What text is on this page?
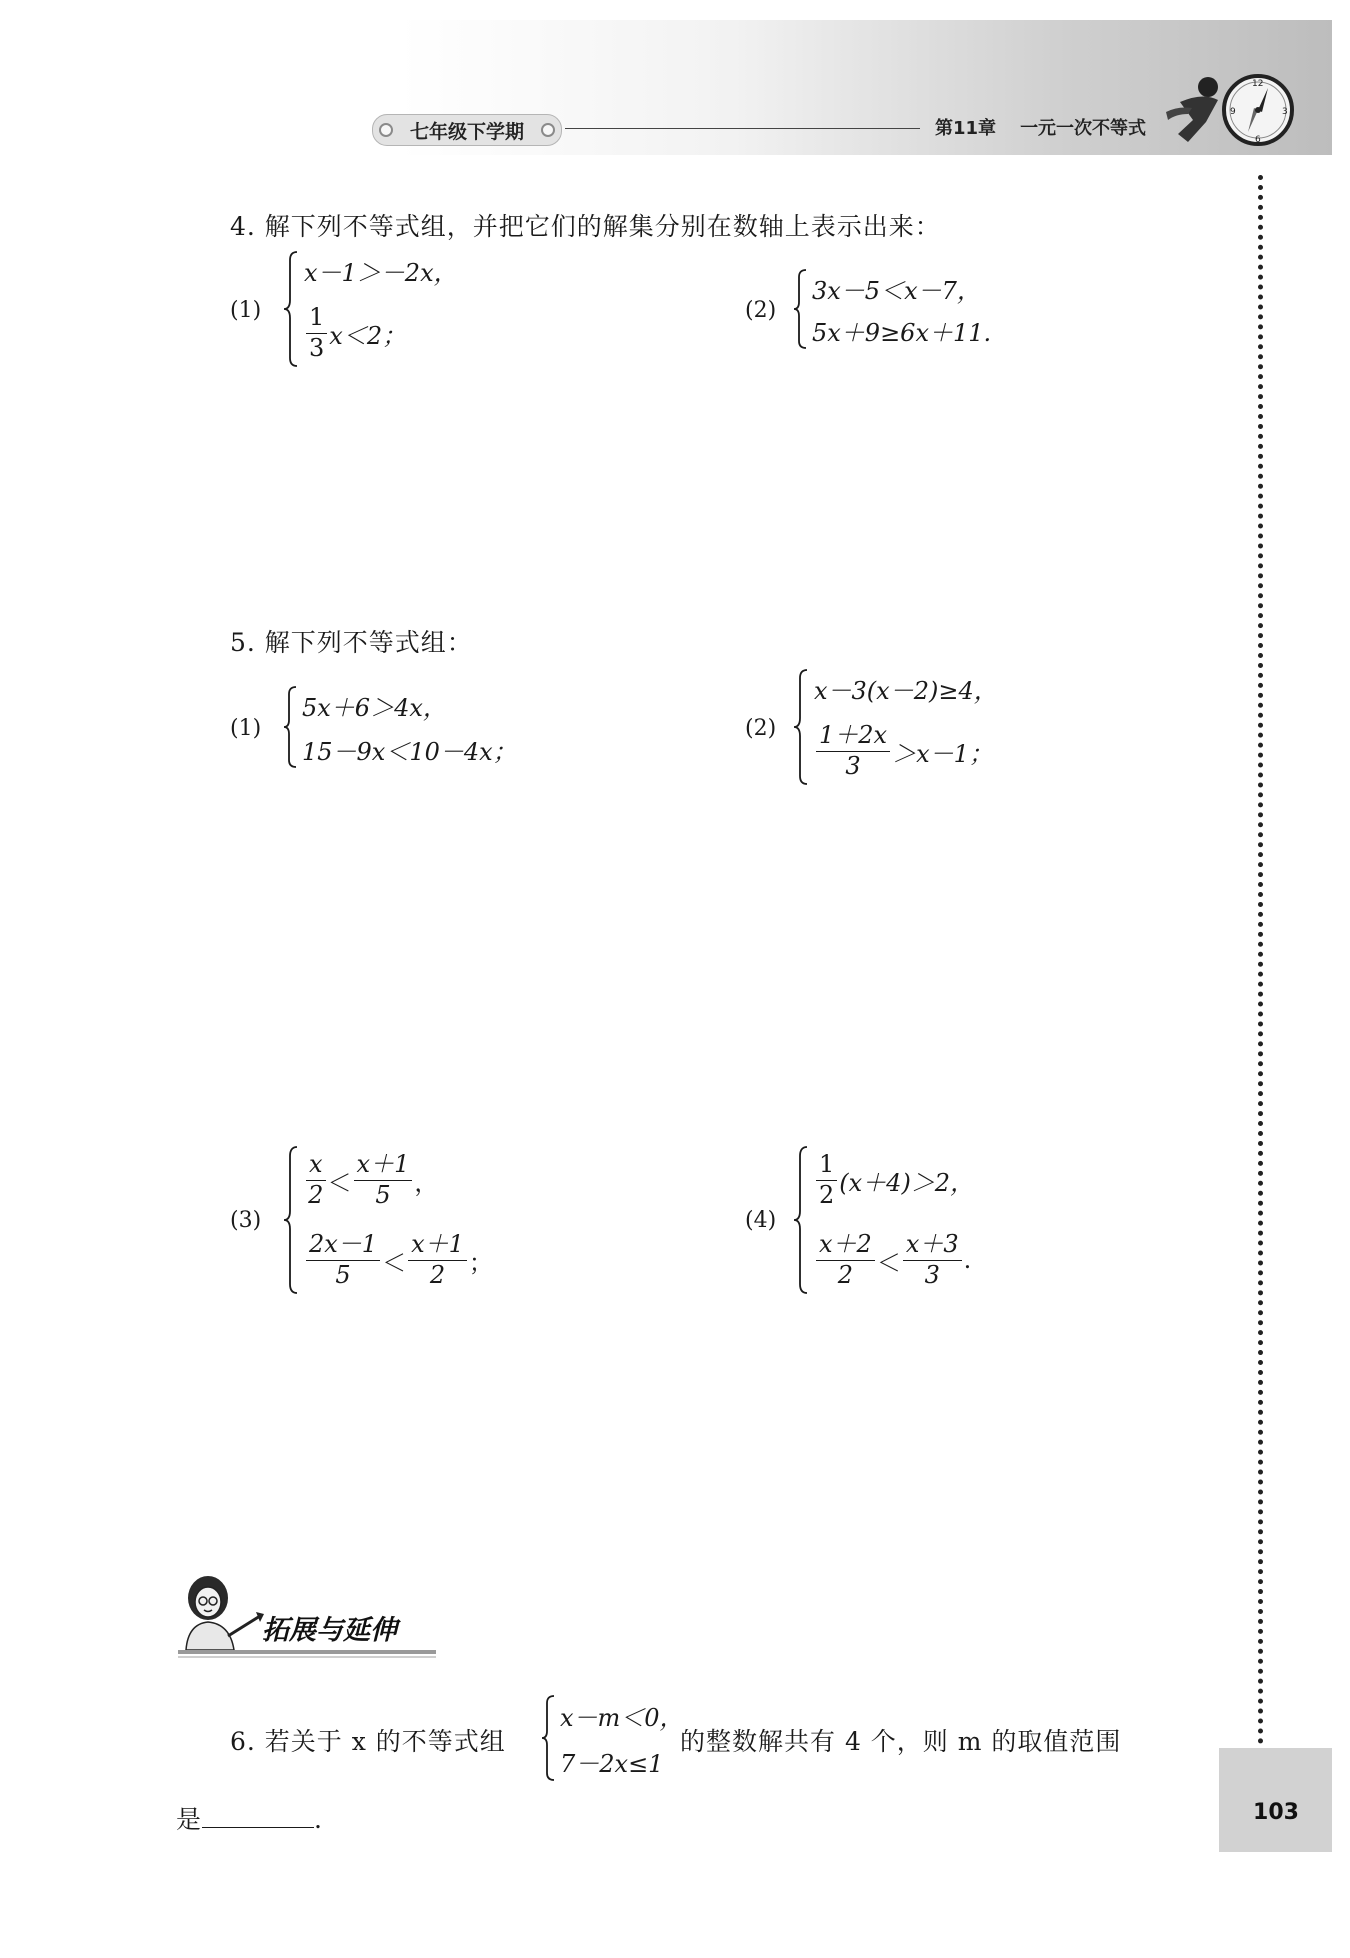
七年级下学期	第11章 一元一次不等式
12
3
6
9
103
4. 解下列不等式组，并把它们的解集分别在数轴上表示出来：
(1)
x－1＞－2x，
$\frac{1}{3} x<2$；
(2)
3x－5＜x－7，
5x＋9≥6x＋11.
5. 解下列不等式组：
(1)
5x＋6＞4x，
15－9x＜10－4x；
(2)
x－3(x－2)≥4，
$\frac{1+2x}{3} >x-1$；
(3)
$\frac{x}{2} < \frac{x+1}{5}$ ，
$\frac{2x-1}{5} < \frac{x+1}{2}$ ；
(4)
$\frac{1}{2} (x+4)>2$，
$\frac{x+2}{2} < \frac{x+3}{3}$ .
拓展与延伸
6. 若关于 x 的不等式组
x－m＜0，
7－2x≤1
的整数解共有 4 个，则 m 的取值范围
是	.
